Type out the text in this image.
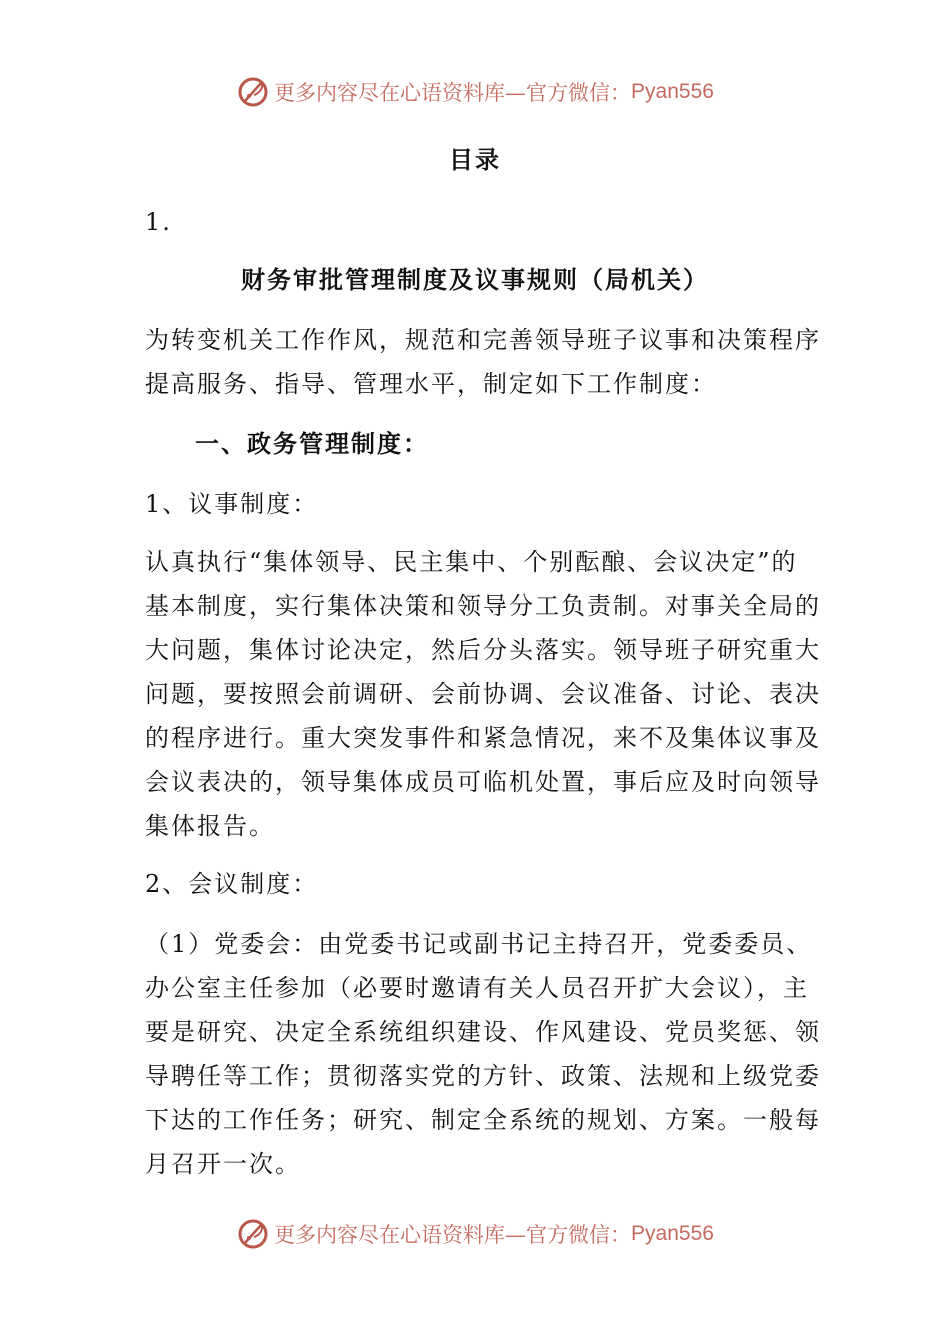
更多内容尽在心语资料库—官方微信： Pyan556
目录
1.
财务审批管理制度及议事规则（局机关）
为转变机关工作作风，规范和完善领导班子议事和决策程序
提高服务、指导、管理水平，制定如下工作制度：
一、政务管理制度：
1、议事制度：
认真执行“集体领导、民主集中、个别酝酿、会议决定”的
基本制度，实行集体决策和领导分工负责制。对事关全局的
大问题，集体讨论决定，然后分头落实。领导班子研究重大
问题，要按照会前调研、会前协调、会议准备、讨论、表决
的程序进行。重大突发事件和紧急情况，来不及集体议事及
会议表决的，领导集体成员可临机处置，事后应及时向领导
集体报告。
2、会议制度：
（1）党委会：由党委书记或副书记主持召开，党委委员、
办公室主任参加（必要时邀请有关人员召开扩大会议），主
要是研究、决定全系统组织建设、作风建设、党员奖惩、领
导聘任等工作；贯彻落实党的方针、政策、法规和上级党委
下达的工作任务；研究、制定全系统的规划、方案。一般每
月召开一次。
更多内容尽在心语资料库—官方微信： Pyan556
